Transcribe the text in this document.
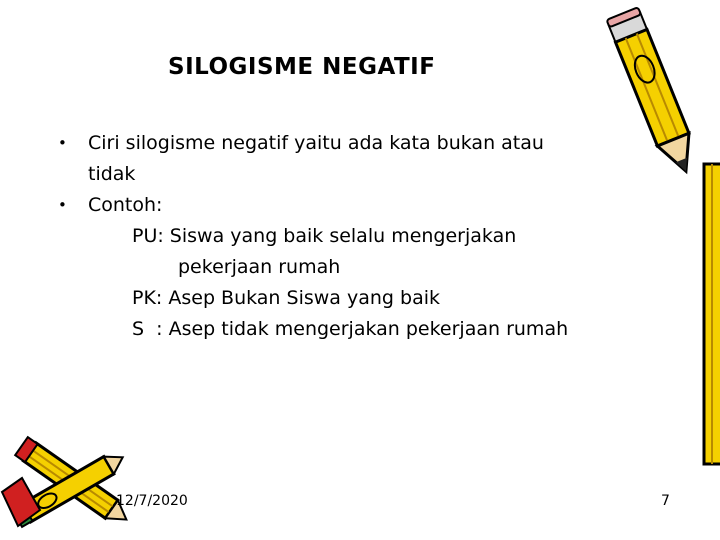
SILOGISME NEGATIF
• Ciri silogisme negatif yaitu ada kata bukan atau
tidak
• Contoh:
PU: Siswa yang baik selalu mengerjakan
pekerjaan rumah
PK: Asep Bukan Siswa yang baik
S  : Asep tidak mengerjakan pekerjaan rumah
12/7/2020	7
